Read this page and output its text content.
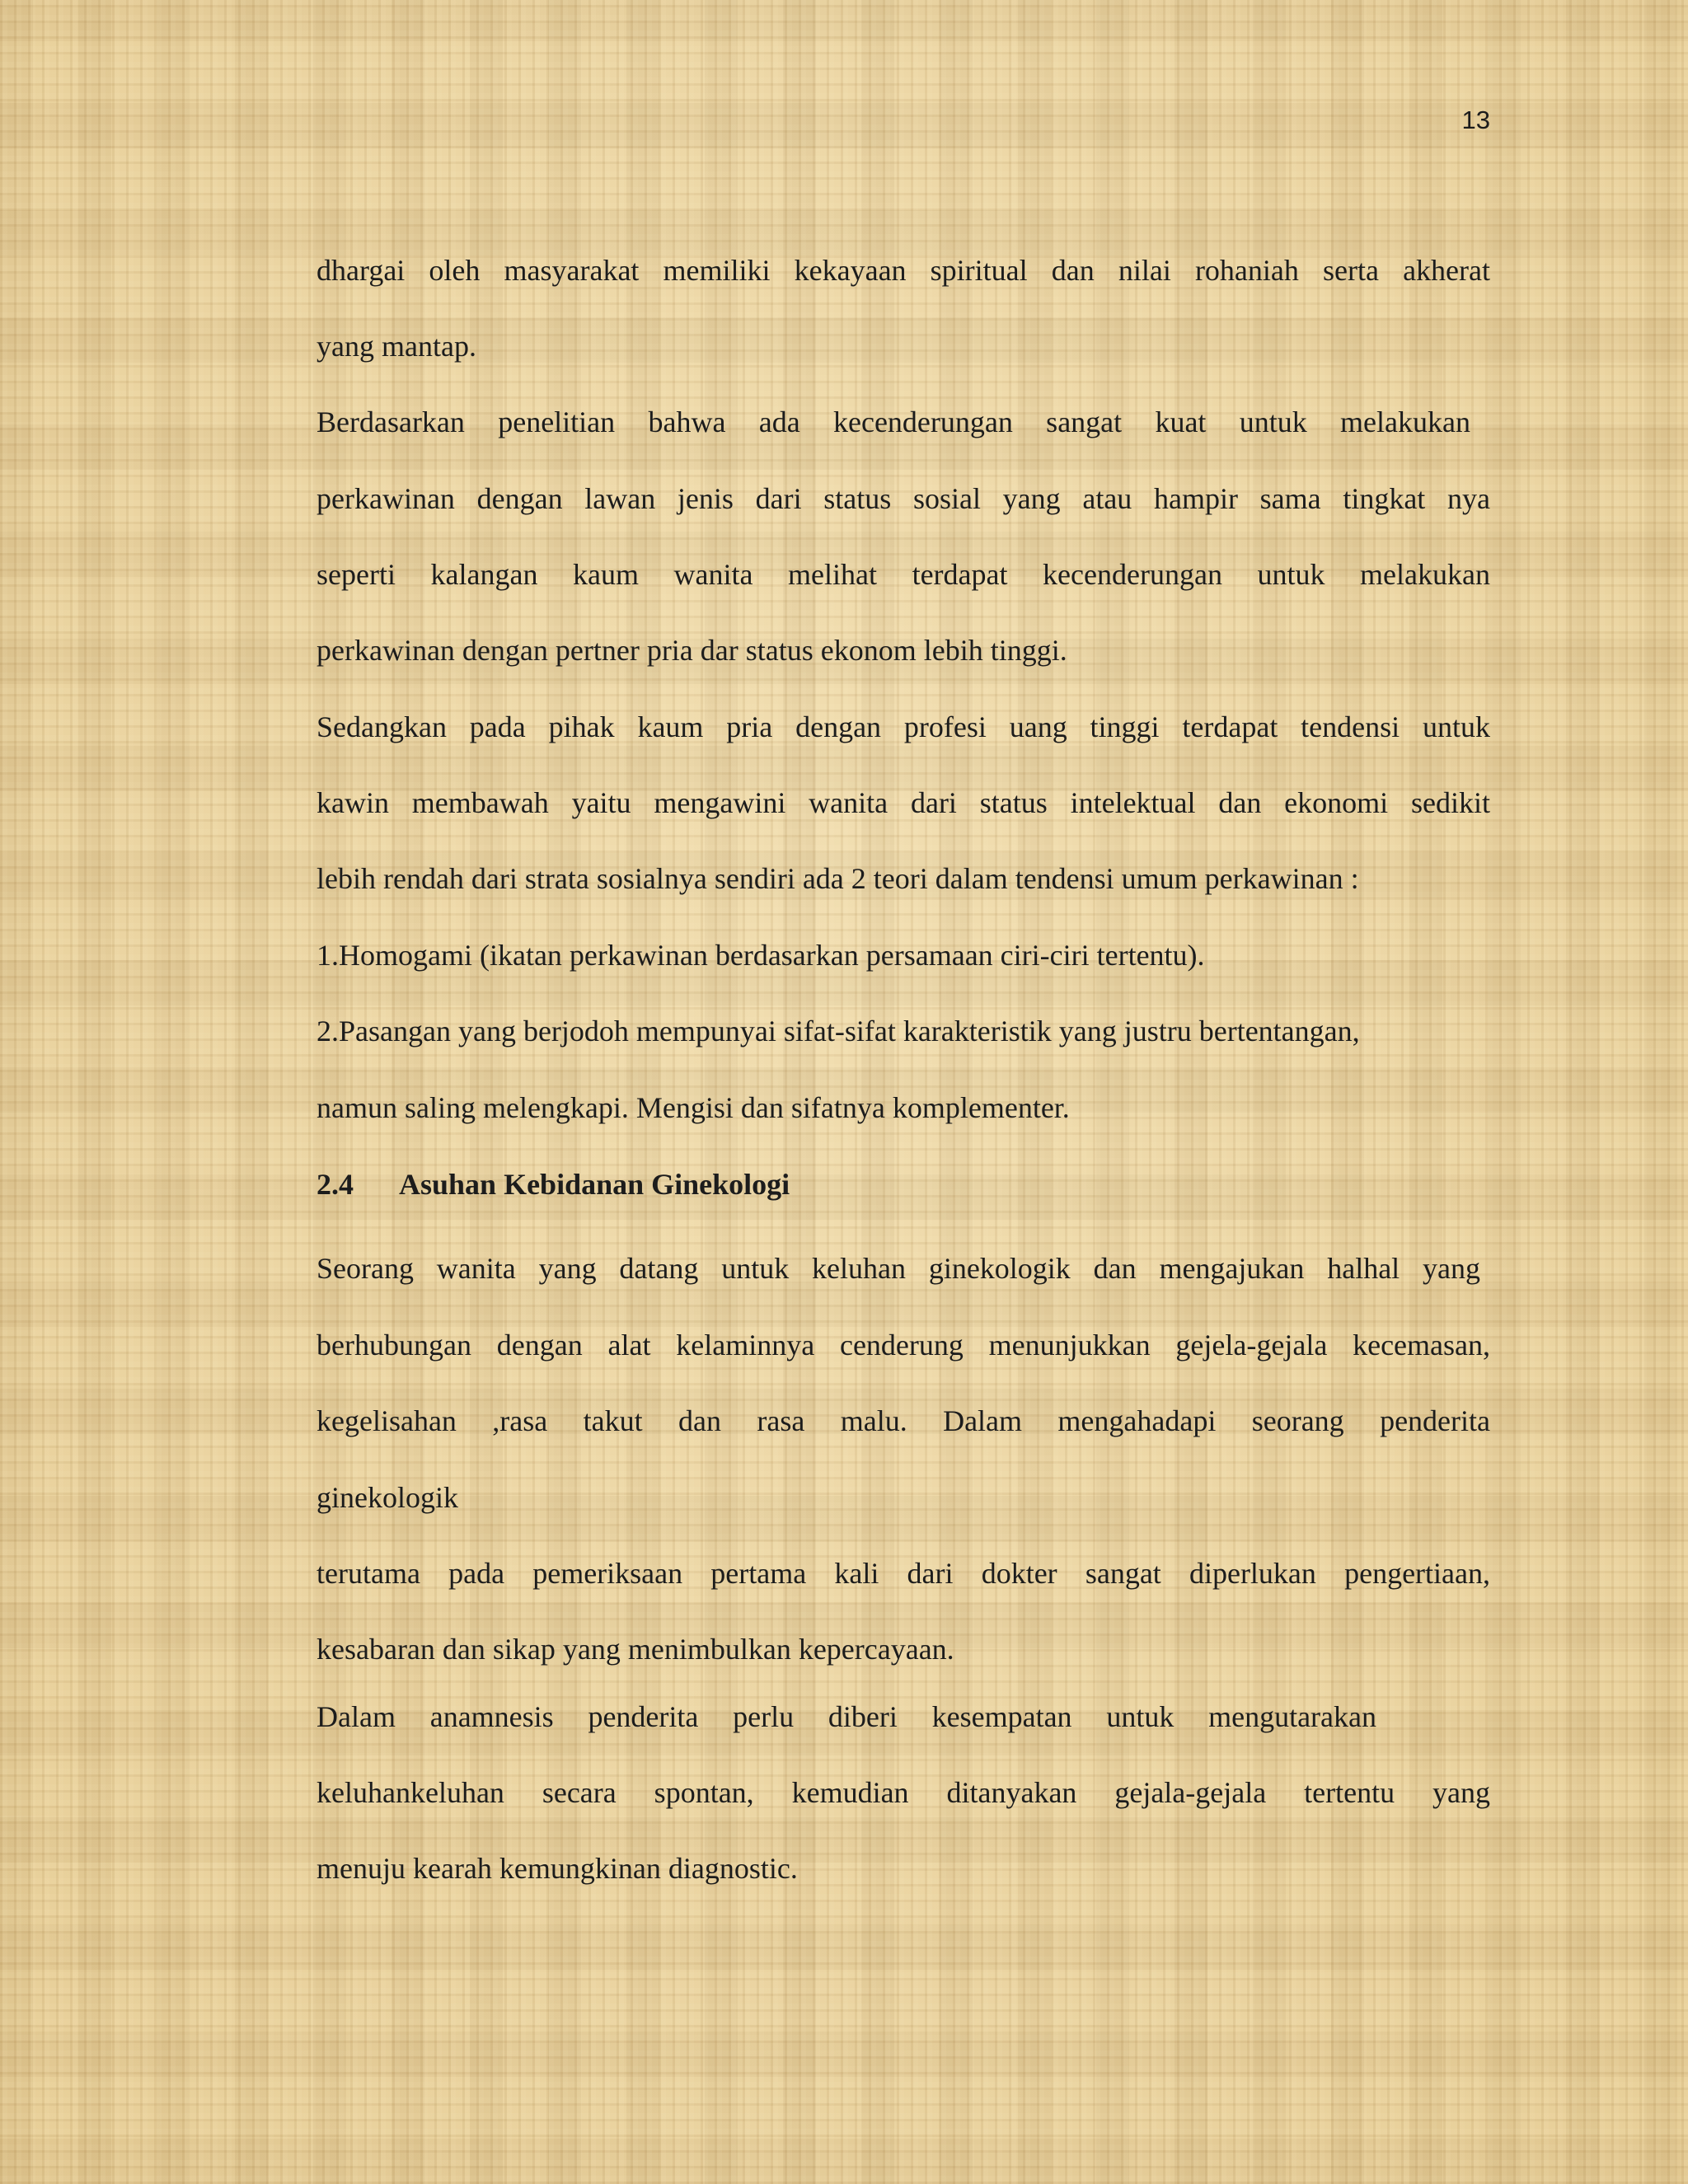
13
dhargai oleh masyarakat memiliki kekayaan spiritual dan nilai rohaniah serta akherat
yang mantap.
Berdasarkan penelitian bahwa ada kecenderungan sangat kuat untuk melakukan
perkawinan dengan lawan jenis dari status sosial yang atau hampir sama tingkat nya
seperti kalangan kaum wanita melihat terdapat kecenderungan untuk melakukan
perkawinan dengan pertner pria dar status ekonom lebih tinggi.
Sedangkan pada pihak kaum pria dengan profesi uang tinggi terdapat tendensi untuk
kawin membawah yaitu mengawini wanita dari status intelektual dan ekonomi sedikit
lebih rendah dari strata sosialnya sendiri ada 2 teori dalam tendensi umum perkawinan :
1.Homogami (ikatan perkawinan berdasarkan persamaan ciri-ciri tertentu).
2.Pasangan yang berjodoh mempunyai sifat-sifat karakteristik yang justru bertentangan,
namun saling melengkapi. Mengisi dan sifatnya komplementer.
2.4 Asuhan Kebidanan Ginekologi
Seorang wanita yang datang untuk keluhan ginekologik dan mengajukan halhal yang
berhubungan dengan alat kelaminnya cenderung menunjukkan gejela-gejala kecemasan,
kegelisahan ,rasa takut dan rasa malu. Dalam mengahadapi seorang penderita
ginekologik
terutama pada pemeriksaan pertama kali dari dokter sangat diperlukan pengertiaan,
kesabaran dan sikap yang menimbulkan kepercayaan.
Dalam anamnesis penderita perlu diberi kesempatan untuk mengutarakan
keluhankeluhan secara spontan, kemudian ditanyakan gejala-gejala tertentu yang
menuju kearah kemungkinan diagnostic.
